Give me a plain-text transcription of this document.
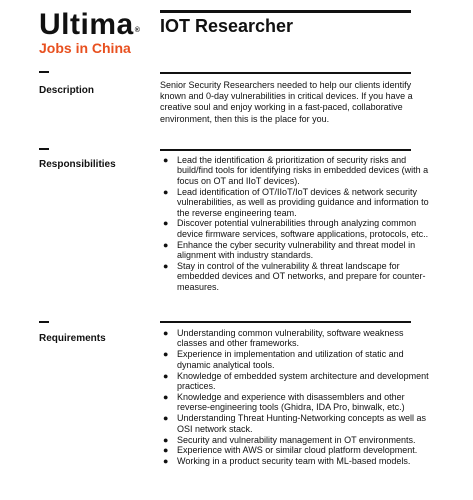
Ultima®
Jobs in China
IOT Researcher
Description	Senior Security Researchers needed to help our clients identify known and 0-day vulnerabilities in critical devices. If you have a creative soul and enjoy working in a fast-paced, collaborative environment, then this is the place for you.
Responsibilities	● Lead the identification & prioritization of security risks and build/find tools for identifying risks in embedded devices (with a focus on OT and IIoT devices).
● Lead identification of OT/IIoT/IoT devices & network security vulnerabilities, as well as providing guidance and information to the reverse engineering team.
● Discover potential vulnerabilities through analyzing common device firmware services, software applications, protocols, etc..
● Enhance the cyber security vulnerability and threat model in alignment with industry standards.
● Stay in control of the vulnerability & threat landscape for embedded devices and OT networks, and prepare for counter-measures.
Requirements	● Understanding common vulnerability, software weakness classes and other frameworks.
● Experience in implementation and utilization of static and dynamic analytical tools.
● Knowledge of embedded system architecture and development practices.
● Knowledge and experience with disassemblers and other reverse-engineering tools (Ghidra, IDA Pro, binwalk, etc.)
● Understanding Threat Hunting-Networking concepts as well as OSI network stack.
● Security and vulnerability management in OT environments.
● Experience with AWS or similar cloud platform development.
● Working in a product security team with ML-based models.
